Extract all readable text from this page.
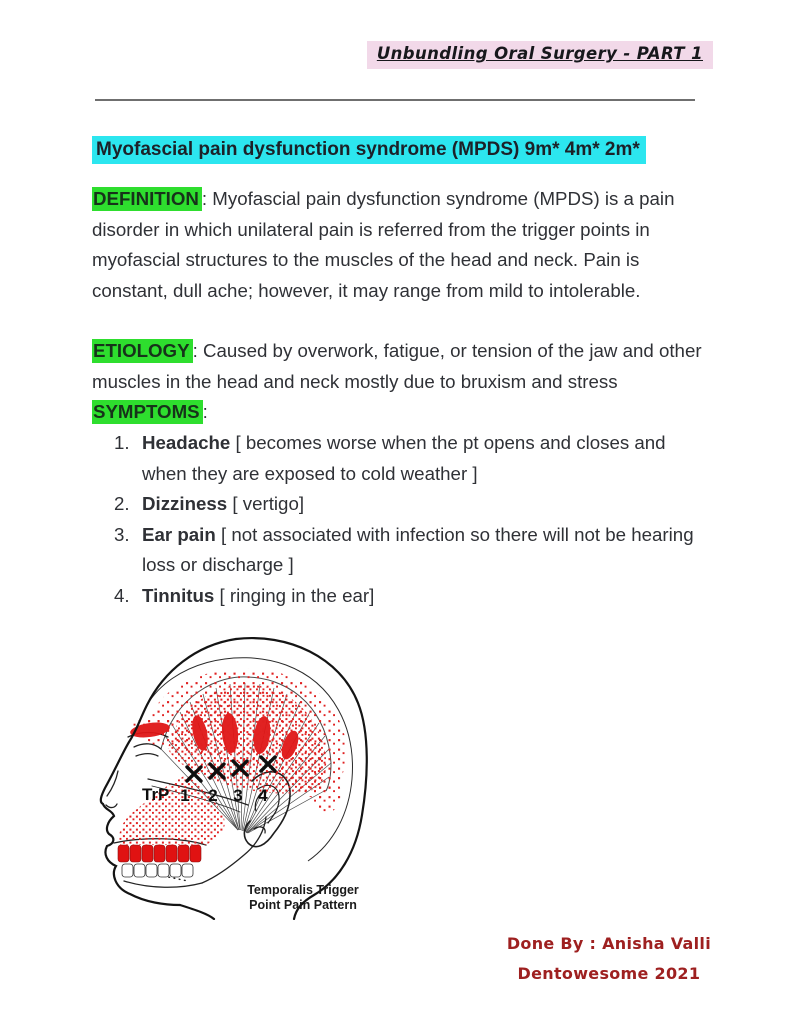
Unbundling Oral Surgery - PART 1
Myofascial pain dysfunction syndrome (MPDS) 9m* 4m* 2m*

DEFINITION : Myofascial pain dysfunction syndrome (MPDS) is a pain disorder in which unilateral pain is referred from the trigger points in myofascial structures to the muscles of the head and neck. Pain is constant, dull ache; however, it may range from mild to intolerable.

ETIOLOGY : Caused by overwork, fatigue, or tension of the jaw and other muscles in the head and neck mostly due to bruxism and stress

SYMPTOMS :

1. Headache [ becomes worse when the pt opens and closes and when they are exposed to cold weather ]
2. Dizziness [ vertigo]
3. Ear pain [ not associated with infection so there will not be hearing loss or discharge ]
4. Tinnitus [ ringing in the ear]
TrP 1 2 3 4
Temporalis Trigger
Point Pain Pattern
Done By : Anisha Valli
Dentowesome 2021
